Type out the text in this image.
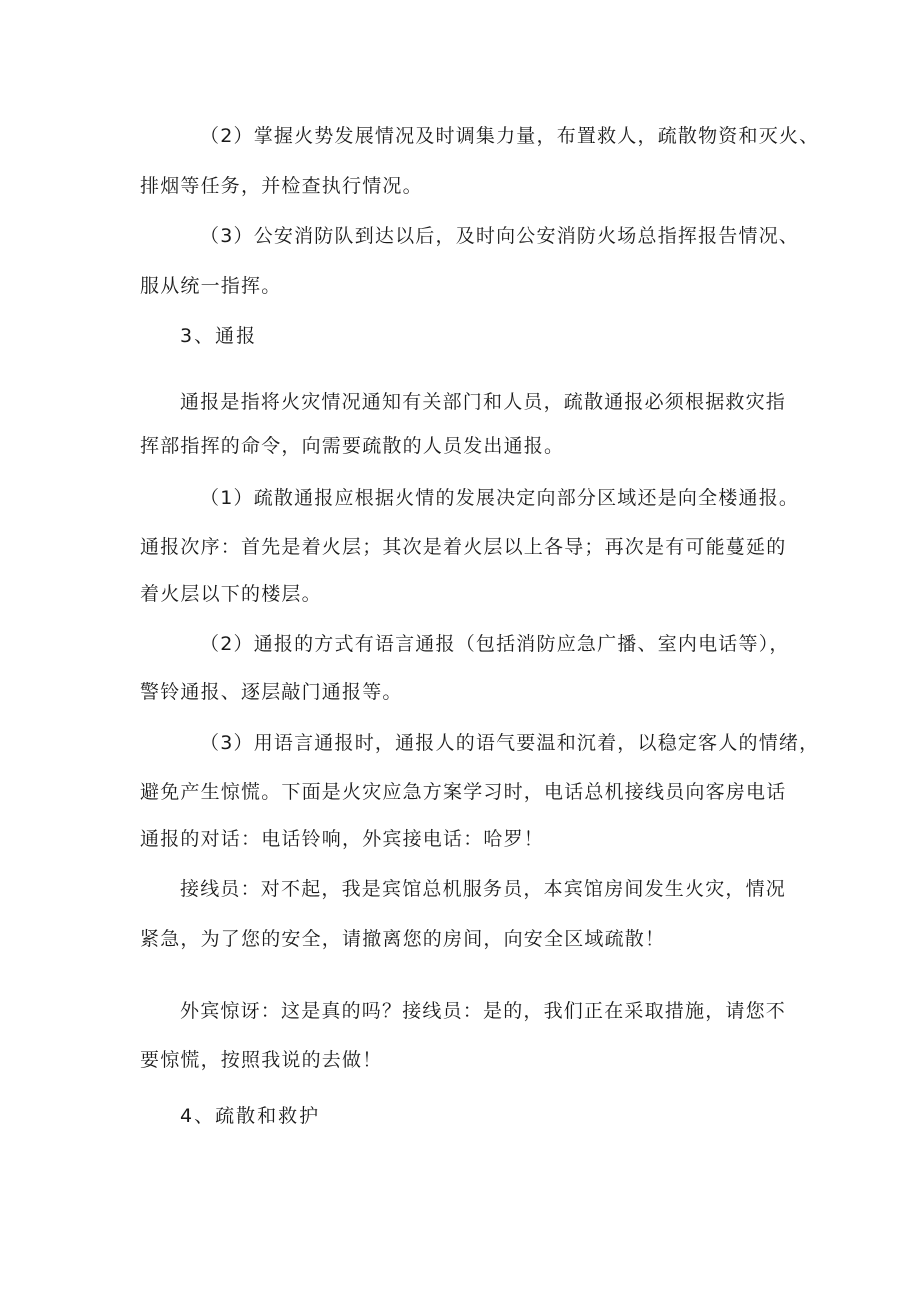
（2）掌握火势发展情况及时调集力量，布置救人，疏散物资和灭火、
排烟等任务，并检查执行情况。
（3）公安消防队到达以后，及时向公安消防火场总指挥报告情况、
服从统一指挥。
3、通报
通报是指将火灾情况通知有关部门和人员，疏散通报必须根据救灾指
挥部指挥的命令，向需要疏散的人员发出通报。
（1）疏散通报应根据火情的发展决定向部分区域还是向全楼通报。
通报次序：首先是着火层；其次是着火层以上各导；再次是有可能蔓延的
着火层以下的楼层。
（2）通报的方式有语言通报（包括消防应急广播、室内电话等），
警铃通报、逐层敲门通报等。
（3）用语言通报时，通报人的语气要温和沉着，以稳定客人的情绪，
避免产生惊慌。下面是火灾应急方案学习时，电话总机接线员向客房电话
通报的对话：电话铃响，外宾接电话：哈罗！
接线员：对不起，我是宾馆总机服务员，本宾馆房间发生火灾，情况
紧急，为了您的安全，请撤离您的房间，向安全区域疏散！
外宾惊讶：这是真的吗？接线员：是的，我们正在采取措施，请您不
要惊慌，按照我说的去做！
4、疏散和救护
